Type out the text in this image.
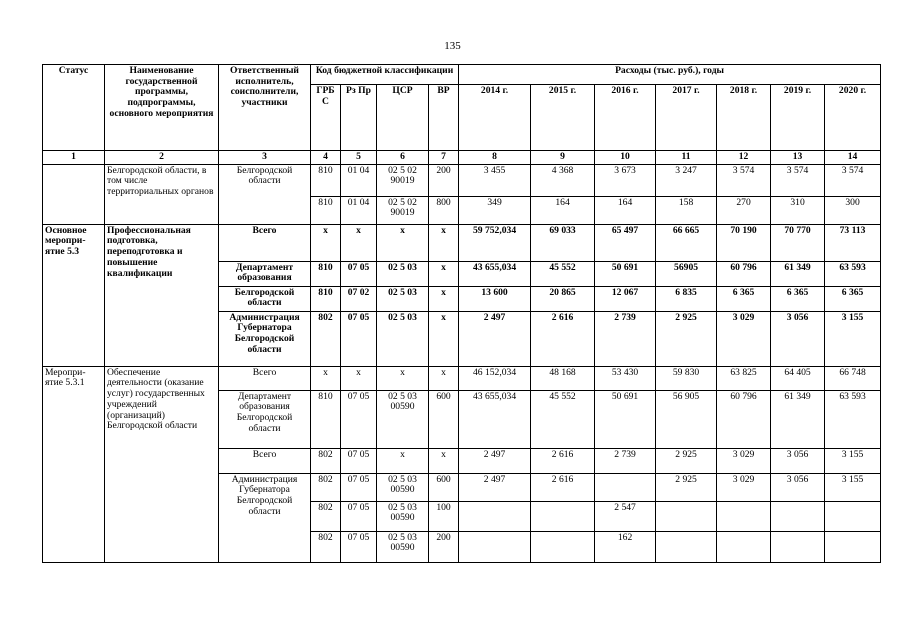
135
Статус	Наименование государственной программы, подпрограммы, основного мероприятия	Ответственный исполнитель, соисполнители, участники	Код бюджетной классификации				Расходы (тыс. руб.), годы						
			ГРБ С	Рз Пр	ЦСР	ВР	2014 г.	2015 г.	2016 г.	2017 г.	2018 г.	2019 г.	2020 г.
1	2	3	4	5	6	7	8	9	10	11	12	13	14
	Белгородской области, в том числе территориальных органов	Белгородской области	810	01 04	02 5 02 90019	200	3 455	4 368	3 673	3 247	3 574	3 574	3 574
			810	01 04	02 5 02 90019	800	349	164	164	158	270	310	300
Основное меропри-ятие 5.3	Профессиональная подготовка, переподготовка и повышение квалификации	Всего	х	х	х	х	59 752,034	69 033	65 497	66 665	70 190	70 770	73 113
		Департамент образования	810	07 05	02 5 03	х	43 655,034	45 552	50 691	56905	60 796	61 349	63 593
		Белгородской области	810	07 02	02 5 03	х	13 600	20 865	12 067	6 835	6 365	6 365	6 365
		Администрация Губернатора Белгородской области	802	07 05	02 5 03	х	2 497	2 616	2 739	2 925	3 029	3 056	3 155
Меропри-ятие 5.3.1	Обеспечение деятельности (оказание услуг) государственных учреждений (организаций) Белгородской области	Всего	х	х	х	х	46 152,034	48 168	53 430	59 830	63 825	64 405	66 748
		Департамент образования Белгородской области	810	07 05	02 5 03 00590	600	43 655,034	45 552	50 691	56 905	60 796	61 349	63 593
		Всего	802	07 05	х	х	2 497	2 616	2 739	2 925	3 029	3 056	3 155
		Администрация Губернатора Белгородской области	802	07 05	02 5 03 00590	600	2 497	2 616		2 925	3 029	3 056	3 155
			802	07 05	02 5 03 00590	100			2 547				
			802	07 05	02 5 03 00590	200			162				
